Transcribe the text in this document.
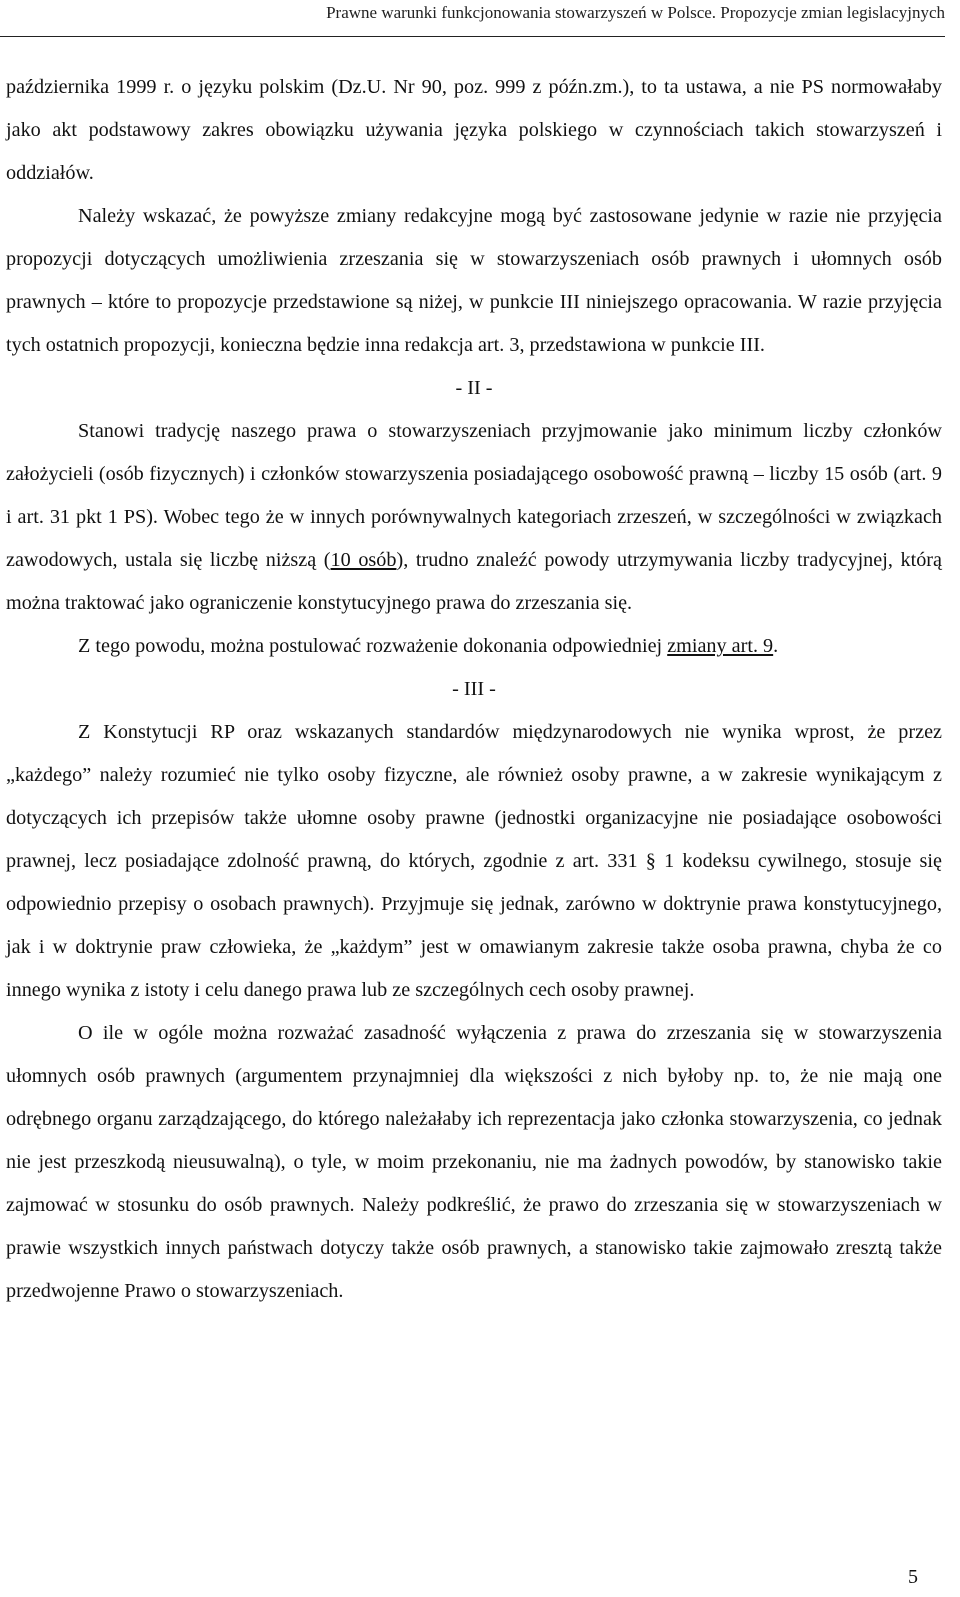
Prawne warunki funkcjonowania stowarzyszeń w Polsce. Propozycje zmian legislacyjnych

października 1999 r. o języku polskim (Dz.U. Nr 90, poz. 999 z późn.zm.), to ta ustawa, a nie PS normowałaby jako akt podstawowy zakres obowiązku używania języka polskiego w czynnościach takich stowarzyszeń i oddziałów.

Należy wskazać, że powyższe zmiany redakcyjne mogą być zastosowane jedynie w razie nie przyjęcia propozycji dotyczących umożliwienia zrzeszania się w stowarzyszeniach osób prawnych i ułomnych osób prawnych – które to propozycje przedstawione są niżej, w punkcie III niniejszego opracowania. W razie przyjęcia tych ostatnich propozycji, konieczna będzie inna redakcja art. 3, przedstawiona w punkcie III.

- II -

Stanowi tradycję naszego prawa o stowarzyszeniach przyjmowanie jako minimum liczby członków założycieli (osób fizycznych) i członków stowarzyszenia posiadającego osobowość prawną – liczby 15 osób (art. 9 i art. 31 pkt 1 PS). Wobec tego że w innych porównywalnych kategoriach zrzeszeń, w szczególności w związkach zawodowych, ustala się liczbę niższą (10 osób), trudno znaleźć powody utrzymywania liczby tradycyjnej, którą można traktować jako ograniczenie konstytucyjnego prawa do zrzeszania się.

Z tego powodu, można postulować rozważenie dokonania odpowiedniej zmiany art. 9.

- III -

Z Konstytucji RP oraz wskazanych standardów międzynarodowych nie wynika wprost, że przez „każdego” należy rozumieć nie tylko osoby fizyczne, ale również osoby prawne, a w zakresie wynikającym z dotyczących ich przepisów także ułomne osoby prawne (jednostki organizacyjne nie posiadające osobowości prawnej, lecz posiadające zdolność prawną, do których, zgodnie z art. 331 § 1 kodeksu cywilnego, stosuje się odpowiednio przepisy o osobach prawnych). Przyjmuje się jednak, zarówno w doktrynie prawa konstytucyjnego, jak i w doktrynie praw człowieka, że „każdym” jest w omawianym zakresie także osoba prawna, chyba że co innego wynika z istoty i celu danego prawa lub ze szczególnych cech osoby prawnej.

O ile w ogóle można rozważać zasadność wyłączenia z prawa do zrzeszania się w stowarzyszenia ułomnych osób prawnych (argumentem przynajmniej dla większości z nich byłoby np. to, że nie mają one odrębnego organu zarządzającego, do którego należałaby ich reprezentacja jako członka stowarzyszenia, co jednak nie jest przeszkodą nieusuwalną), o tyle, w moim przekonaniu, nie ma żadnych powodów, by stanowisko takie zajmować w stosunku do osób prawnych. Należy podkreślić, że prawo do zrzeszania się w stowarzyszeniach w prawie wszystkich innych państwach dotyczy także osób prawnych, a stanowisko takie zajmowało zresztą także przedwojenne Prawo o stowarzyszeniach.

5
